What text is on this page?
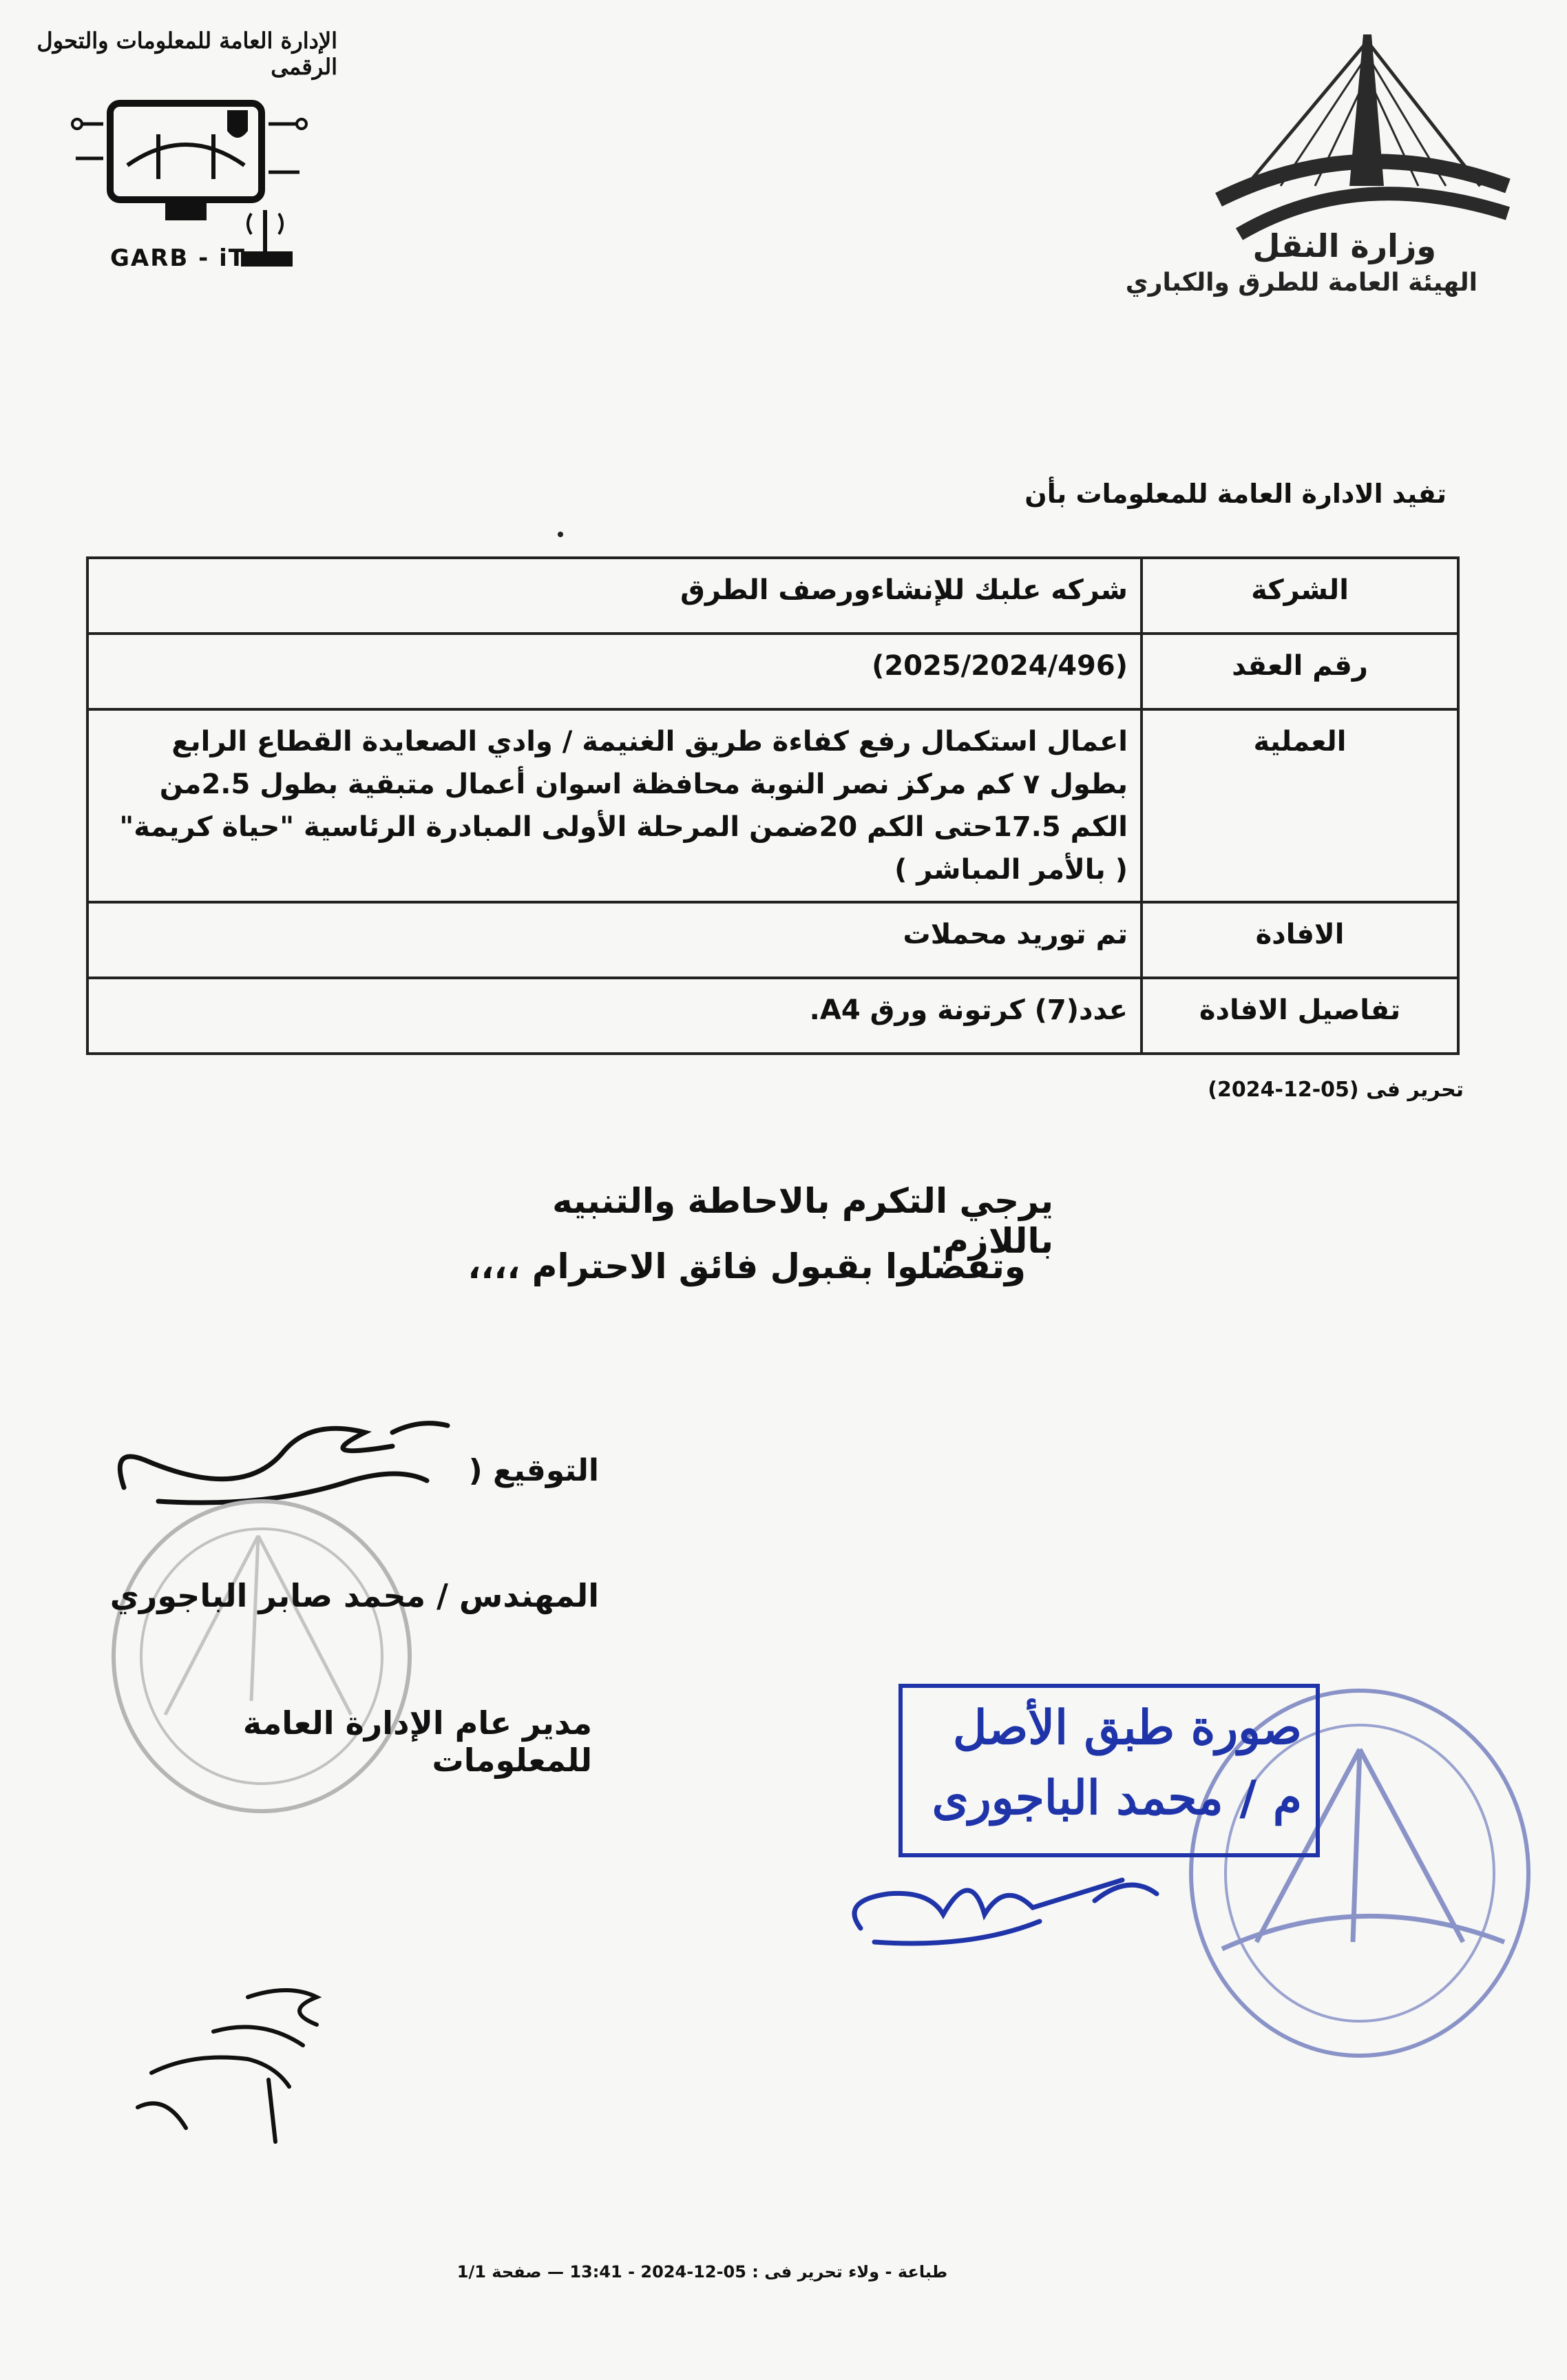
الإدارة العامة للمعلومات والتحول الرقمى
GARB - iT	وزارة النقل
الهيئة العامة للطرق والكباري
تفيد الادارة العامة للمعلومات بأن
الشركة	شركه علبك للإنشاءورصف الطرق
رقم العقد	(2025/2024/496)
العملية	اعمال استكمال رفع كفاءة طريق الغنيمة / وادي الصعايدة القطاع الرابع بطول ٧ كم مركز نصر النوبة محافظة اسوان أعمال متبقية بطول 2.5من الكم 17.5حتى الكم 20ضمن المرحلة الأولى المبادرة الرئاسية "حياة كريمة" ( بالأمر المباشر )
الافادة	تم توريد محملات
تفاصيل الافادة	عدد(7) كرتونة ورق A4.
تحرير فى (05-12-2024)
يرجي التكرم بالاحاطة والتنبيه باللازم.
وتفضلوا بقبول فائق الاحترام ،،،،
التوقيع (
المهندس / محمد صابر الباجوري
مدير عام الإدارة العامة للمعلومات
صورة طبق الأصل
م / محمد الباجورى
طباعة - ولاء تحرير فى : 05-12-2024 - 13:41 — صفحة 1/1
